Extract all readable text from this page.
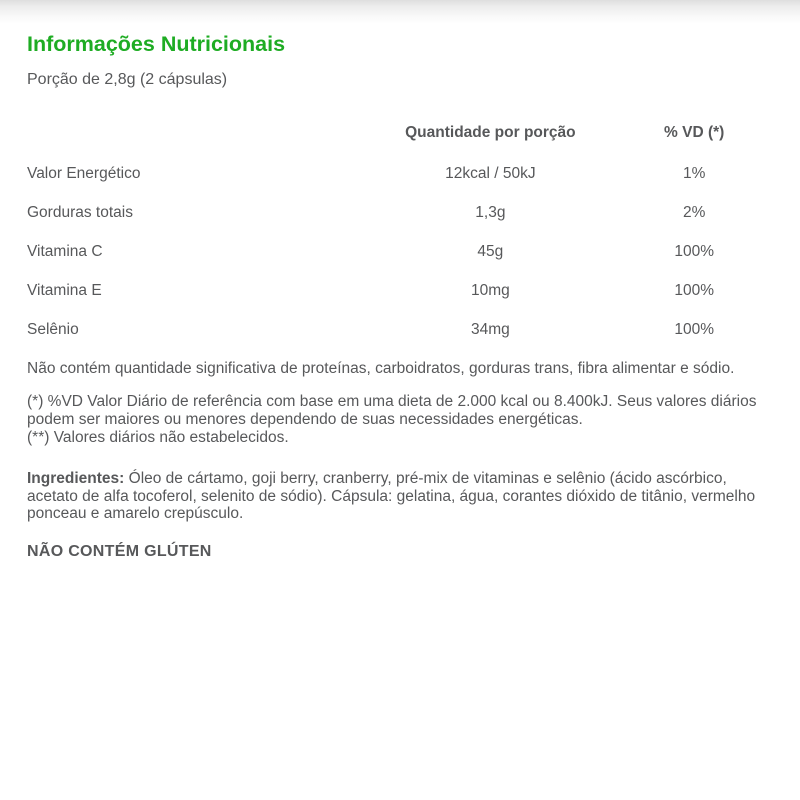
Informações Nutricionais
Porção de 2,8g (2 cápsulas)
	Quantidade por porção	% VD (*)
Valor Energético	12kcal / 50kJ	1%
Gorduras totais	1,3g	2%
Vitamina C	45g	100%
Vitamina E	10mg	100%
Selênio	34mg	100%

Não contém quantidade significativa de proteínas, carboidratos, gorduras trans, fibra alimentar e sódio.

(*) %VD Valor Diário de referência com base em uma dieta de 2.000 kcal ou 8.400kJ. Seus valores diários podem ser maiores ou menores dependendo de suas necessidades energéticas.

(**) Valores diários não estabelecidos.

Ingredientes: Óleo de cártamo, goji berry, cranberry, pré-mix de vitaminas e selênio (ácido ascórbico, acetato de alfa tocoferol, selenito de sódio). Cápsula: gelatina, água, corantes dióxido de titânio, vermelho ponceau e amarelo crepúsculo.

NÃO CONTÉM GLÚTEN
